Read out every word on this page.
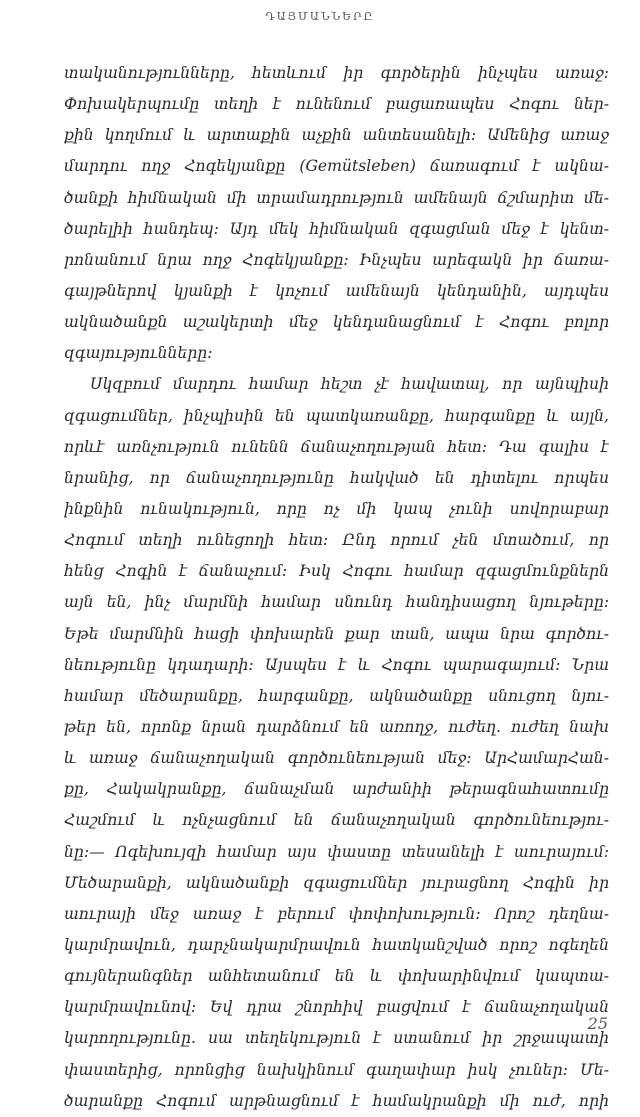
ԴԱՅՄԱՆՆԵՐԸ
տականությունները, հետևում իր գործերին ինչպես առաջ:
Փոխակերպումը տեղի է ունենում բացառապես Հոգու ներ-
քին կողմում և արտաքին աչքին անտեսանելի: Ամենից առաջ
մարդու ողջ Հոգեկյանքը (Gemütsleben) ճառագում է ակնա-
ծանքի հիմնական մի տրամադրություն ամենայն ճշմարիտ մե-
ծարելիի հանդեպ: Այդ մեկ հիմնական զգացման մեջ է կենտ-
րոնանում նրա ողջ Հոգեկյանքը: Ինչպես արեգակն իր ճառա-
գայթներով կյանքի է կոչում ամենայն կենդանին, այդպես
ակնածանքն աշակերտի մեջ կենդանացնում է Հոգու բոլոր
զգայությունները:
Սկզբում մարդու համար հեշտ չէ հավատալ, որ այնպիսի
զգացումներ, ինչպիսին են պատկառանքը, հարգանքը և այլն,
որևէ առնչություն ունենն ճանաչողության հետ: Դա գալիս է
նրանից, որ ճանաչողությունը հակված են դիտելու որպես
ինքնին ունակություն, որը ոչ մի կապ չունի սովորաբար
Հոգում տեղի ունեցողի հետ: Ընդ որում չեն մտածում, որ
հենց Հոգին է ճանաչում: Իսկ Հոգու համար զգացմունքներն
այն են, ինչ մարմնի համար սնունդ հանդիսացող նյութերը:
Եթե մարմնին հացի փոխարեն քար տան, ապա նրա գործու-
նեությունը կդադարի: Այսպես է և Հոգու պարագայում: Նրա
համար մեծարանքը, հարգանքը, ակնածանքը սնուցող նյու-
թեր են, որոնք նրան դարձնում են առողջ, ուժեղ. ուժեղ նախ
և առաջ ճանաչողական գործունեության մեջ: ԱրՀամարՀան-
քը, Հակակրանքը, ճանաչման արժանիի թերագնահատումը
Հաշմում և ոչնչացնում են ճանաչողական գործունեությու-
նը:— Ոգեխույզի համար այս փաստը տեսանելի է աուրայում:
Մեծարանքի, ակնածանքի զգացումներ յուրացնող Հոգին իր
աուրայի մեջ առաջ է բերում փոփոխություն: Որոշ դեղնա-
կարմրավուն, դարչնակարմրավուն հատկանշված որոշ ոգեղեն
գույներանգներ անհետանում են և փոխարինվում կապտա-
կարմրավունով: Եվ դրա շնորհիվ բացվում է ճանաչողական
կարողությունը. սա տեղեկություն է ստանում իր շրջապատի
փաստերից, որոնցից նախկինում գաղափար իսկ չուներ: Մե-
ծարանքը Հոգում արթնացնում է համակրանքի մի ուժ, որի
25
